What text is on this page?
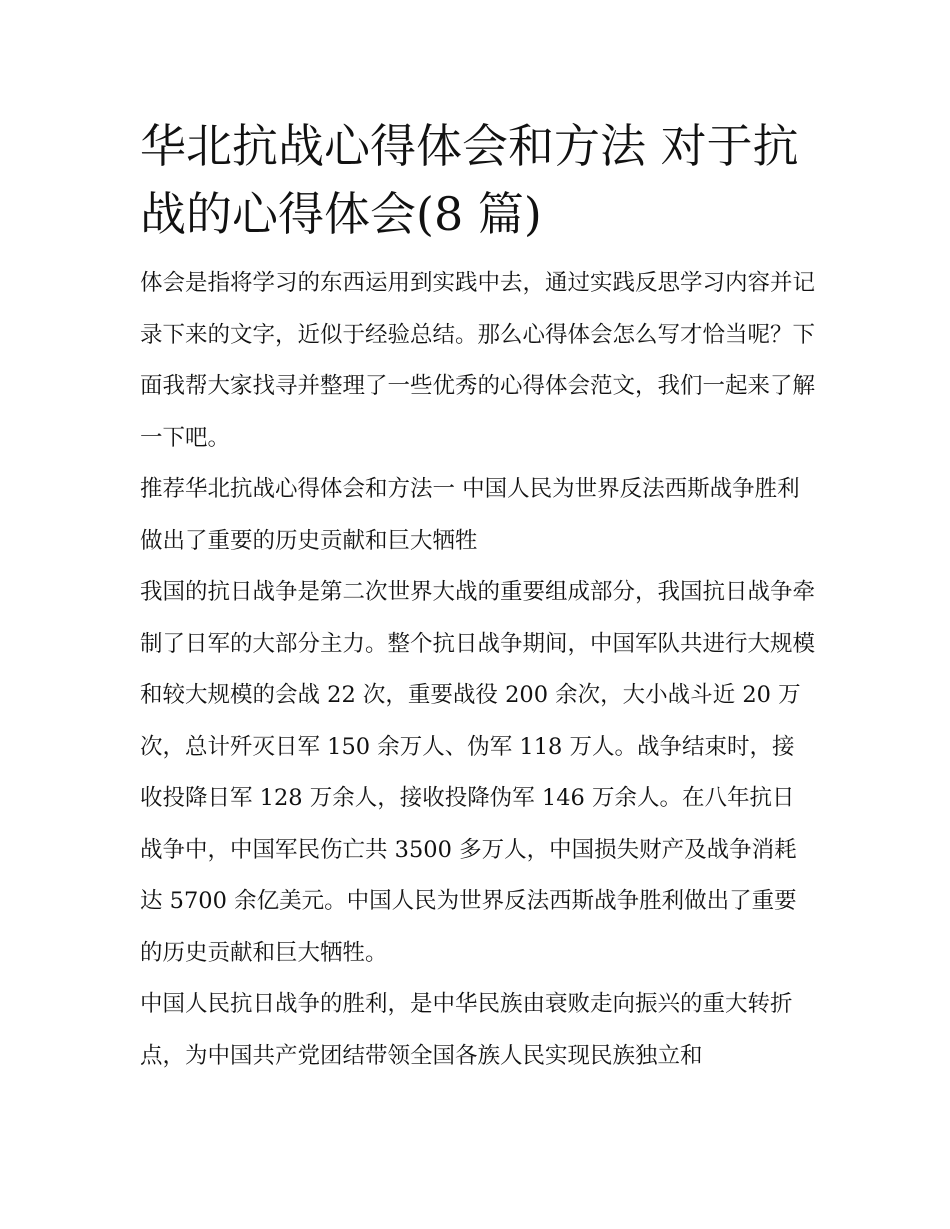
华北抗战心得体会和方法 对于抗战的心得体会(8 篇)

体会是指将学习的东西运用到实践中去，通过实践反思学习内容并记录下来的文字，近似于经验总结。那么心得体会怎么写才恰当呢？下面我帮大家找寻并整理了一些优秀的心得体会范文，我们一起来了解一下吧。

推荐华北抗战心得体会和方法一 中国人民为世界反法西斯战争胜利 做出了重要的历史贡献和巨大牺牲

我国的抗日战争是第二次世界大战的重要组成部分，我国抗日战争牵制了日军的大部分主力。整个抗日战争期间，中国军队共进行大规模和较大规模的会战 22 次，重要战役 200 余次，大小战斗近 20 万次，总计歼灭日军 150 余万人、伪军 118 万人。战争结束时，接收投降日军 128 万余人，接收投降伪军 146 万余人。在八年抗日战争中，中国军民伤亡共 3500 多万人，中国损失财产及战争消耗达 5700 余亿美元。中国人民为世界反法西斯战争胜利做出了重要的历史贡献和巨大牺牲。

中国人民抗日战争的胜利，是中华民族由衰败走向振兴的重大转折点，为中国共产党团结带领全国各族人民实现民族独立和
